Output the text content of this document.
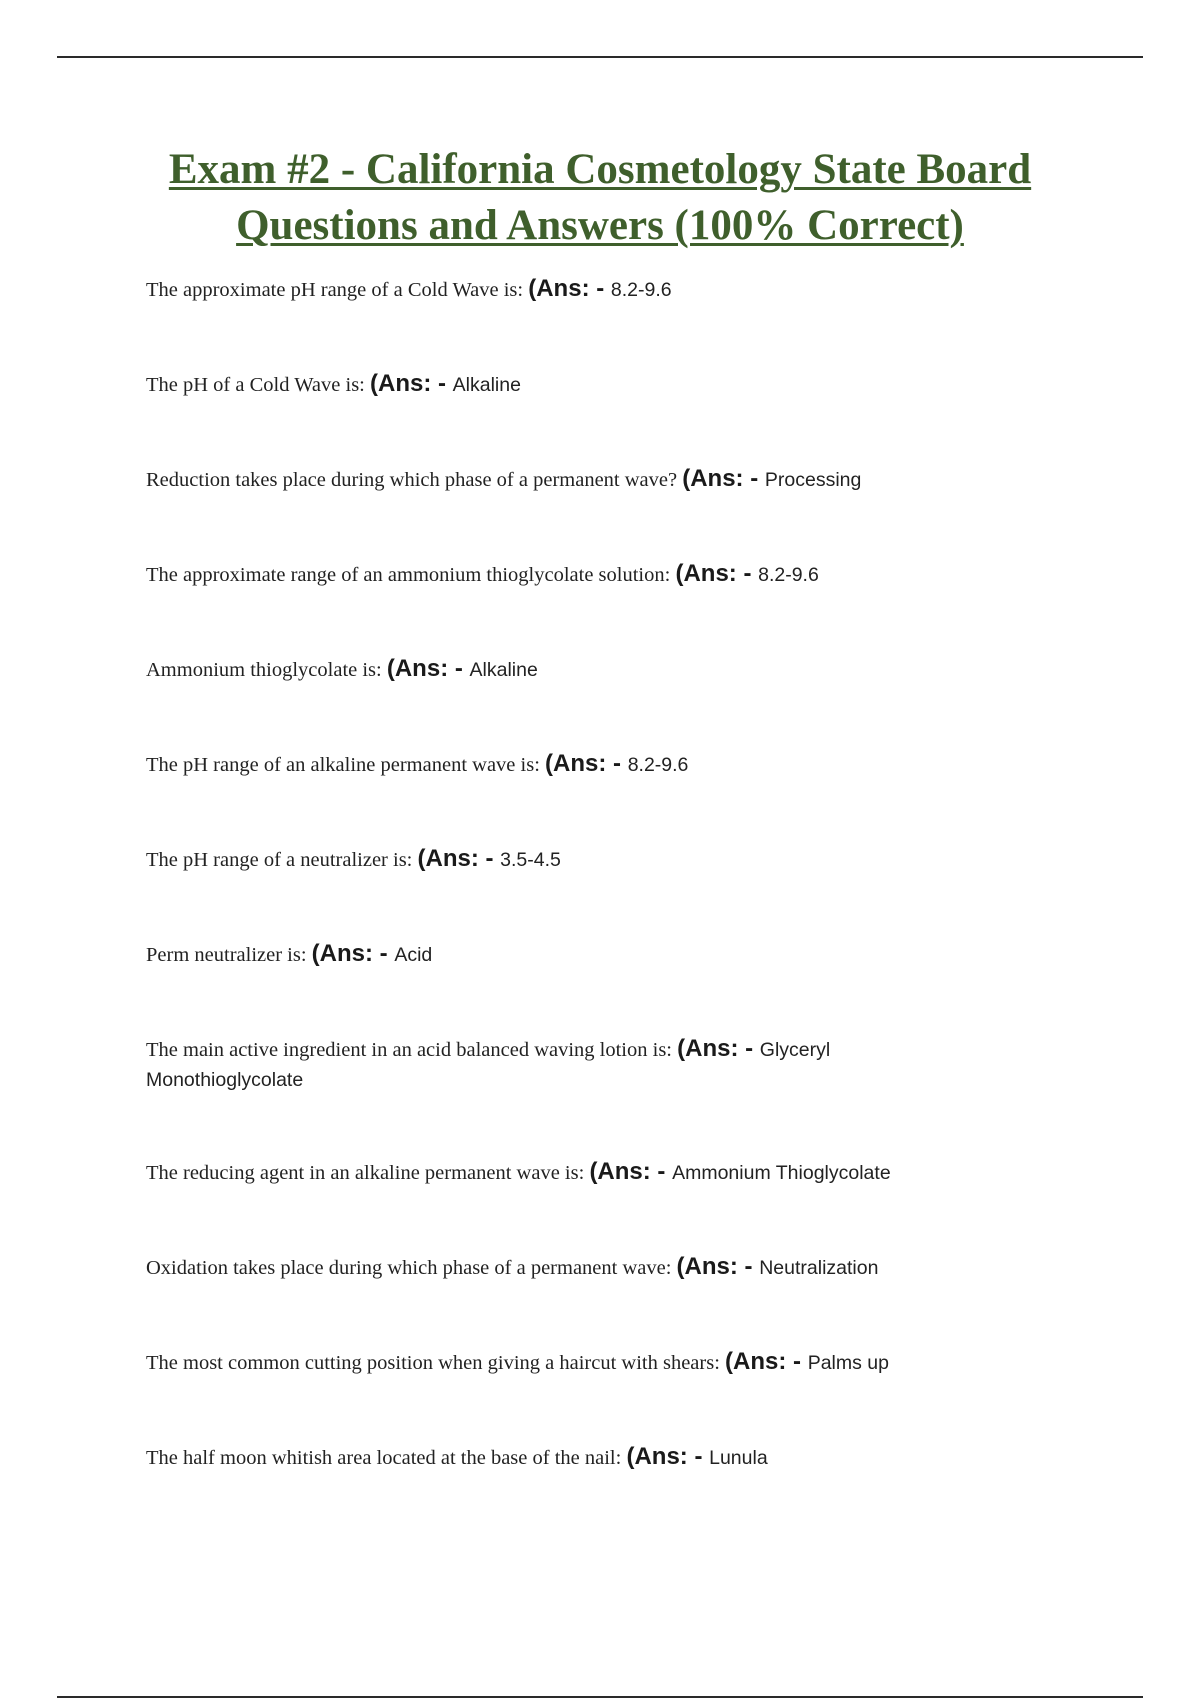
Exam #2 - California Cosmetology State Board
Questions and Answers (100% Correct)
The approximate pH range of a Cold Wave is: (Ans: - 8.2-9.6
The pH of a Cold Wave is: (Ans: - Alkaline
Reduction takes place during which phase of a permanent wave? (Ans: - Processing
The approximate range of an ammonium thioglycolate solution: (Ans: - 8.2-9.6
Ammonium thioglycolate is: (Ans: - Alkaline
The pH range of an alkaline permanent wave is: (Ans: - 8.2-9.6
The pH range of a neutralizer is: (Ans: - 3.5-4.5
Perm neutralizer is: (Ans: - Acid
The main active ingredient in an acid balanced waving lotion is: (Ans: - Glyceryl Monothioglycolate
The reducing agent in an alkaline permanent wave is: (Ans: - Ammonium Thioglycolate
Oxidation takes place during which phase of a permanent wave: (Ans: - Neutralization
The most common cutting position when giving a haircut with shears: (Ans: - Palms up
The half moon whitish area located at the base of the nail: (Ans: - Lunula
